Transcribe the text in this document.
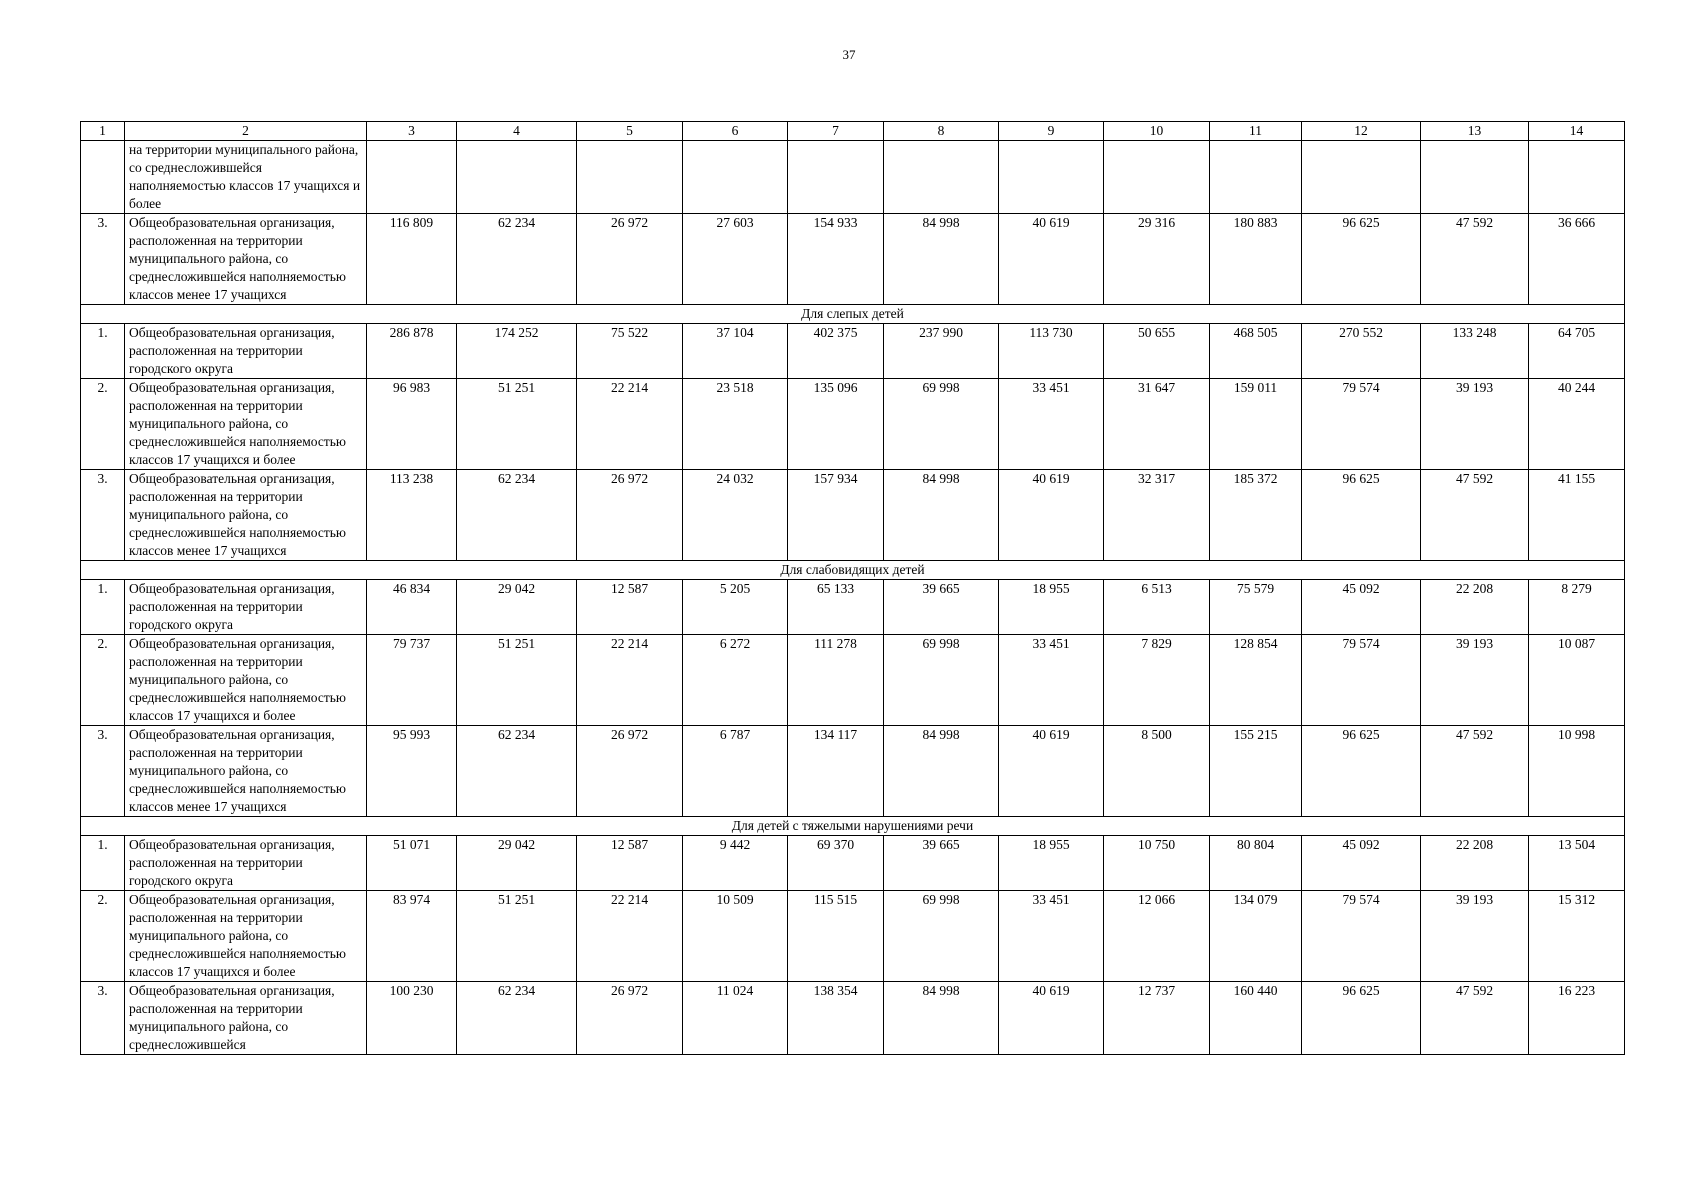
37
1	2	3	4	5	6	7	8	9	10	11	12	13	14
	на территории муниципального района, со среднесложившейся наполняемостью классов 17 учащихся и более												
3.	Общеобразовательная организация, расположенная на территории муниципального района, со среднесложившейся наполняемостью классов менее 17 учащихся	116 809	62 234	26 972	27 603	154 933	84 998	40 619	29 316	180 883	96 625	47 592	36 666
Для слепых детей													
1.	Общеобразовательная организация, расположенная на территории городского округа	286 878	174 252	75 522	37 104	402 375	237 990	113 730	50 655	468 505	270 552	133 248	64 705
2.	Общеобразовательная организация, расположенная на территории муниципального района, со среднесложившейся наполняемостью классов 17 учащихся и более	96 983	51 251	22 214	23 518	135 096	69 998	33 451	31 647	159 011	79 574	39 193	40 244
3.	Общеобразовательная организация, расположенная на территории муниципального района, со среднесложившейся наполняемостью классов менее 17 учащихся	113 238	62 234	26 972	24 032	157 934	84 998	40 619	32 317	185 372	96 625	47 592	41 155
Для слабовидящих детей													
1.	Общеобразовательная организация, расположенная на территории городского округа	46 834	29 042	12 587	5 205	65 133	39 665	18 955	6 513	75 579	45 092	22 208	8 279
2.	Общеобразовательная организация, расположенная на территории муниципального района, со среднесложившейся наполняемостью классов 17 учащихся и более	79 737	51 251	22 214	6 272	111 278	69 998	33 451	7 829	128 854	79 574	39 193	10 087
3.	Общеобразовательная организация, расположенная на территории муниципального района, со среднесложившейся наполняемостью классов менее 17 учащихся	95 993	62 234	26 972	6 787	134 117	84 998	40 619	8 500	155 215	96 625	47 592	10 998
Для детей с тяжелыми нарушениями речи													
1.	Общеобразовательная организация, расположенная на территории городского округа	51 071	29 042	12 587	9 442	69 370	39 665	18 955	10 750	80 804	45 092	22 208	13 504
2.	Общеобразовательная организация, расположенная на территории муниципального района, со среднесложившейся наполняемостью классов 17 учащихся и более	83 974	51 251	22 214	10 509	115 515	69 998	33 451	12 066	134 079	79 574	39 193	15 312
3.	Общеобразовательная организация, расположенная на территории муниципального района, со среднесложившейся	100 230	62 234	26 972	11 024	138 354	84 998	40 619	12 737	160 440	96 625	47 592	16 223
